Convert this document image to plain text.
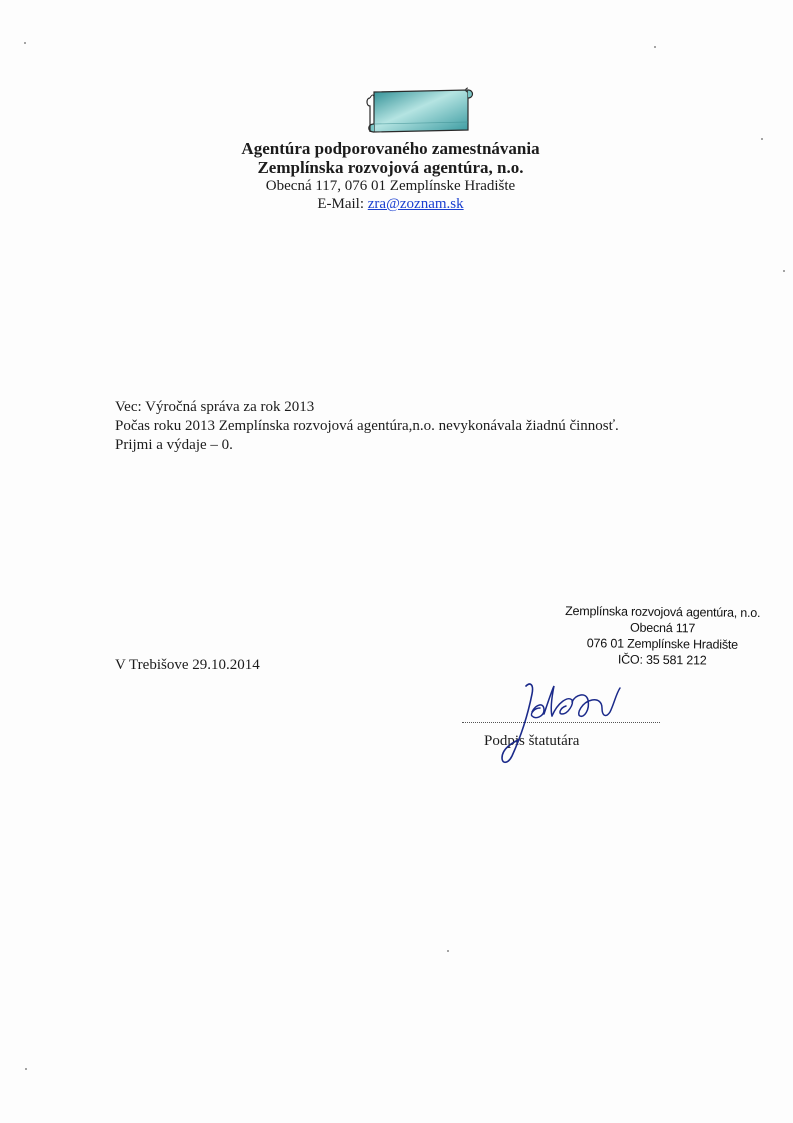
Agentúra podporovaného zamestnávania
Zemplínska rozvojová agentúra, n.o.
Obecná 117, 076 01 Zemplínske Hradište
E-Mail: zra@zoznam.sk
Vec: Výročná správa za rok 2013
Počas roku 2013 Zemplínska rozvojová agentúra,n.o. nevykonávala žiadnú činnosť.
Prijmi a výdaje – 0.
V Trebišove 29.10.2014
Zemplínska rozvojová agentúra, n.o.
Obecná 117
076 01 Zemplínske Hradište
IČO: 35 581 212
Podpis štatutára
